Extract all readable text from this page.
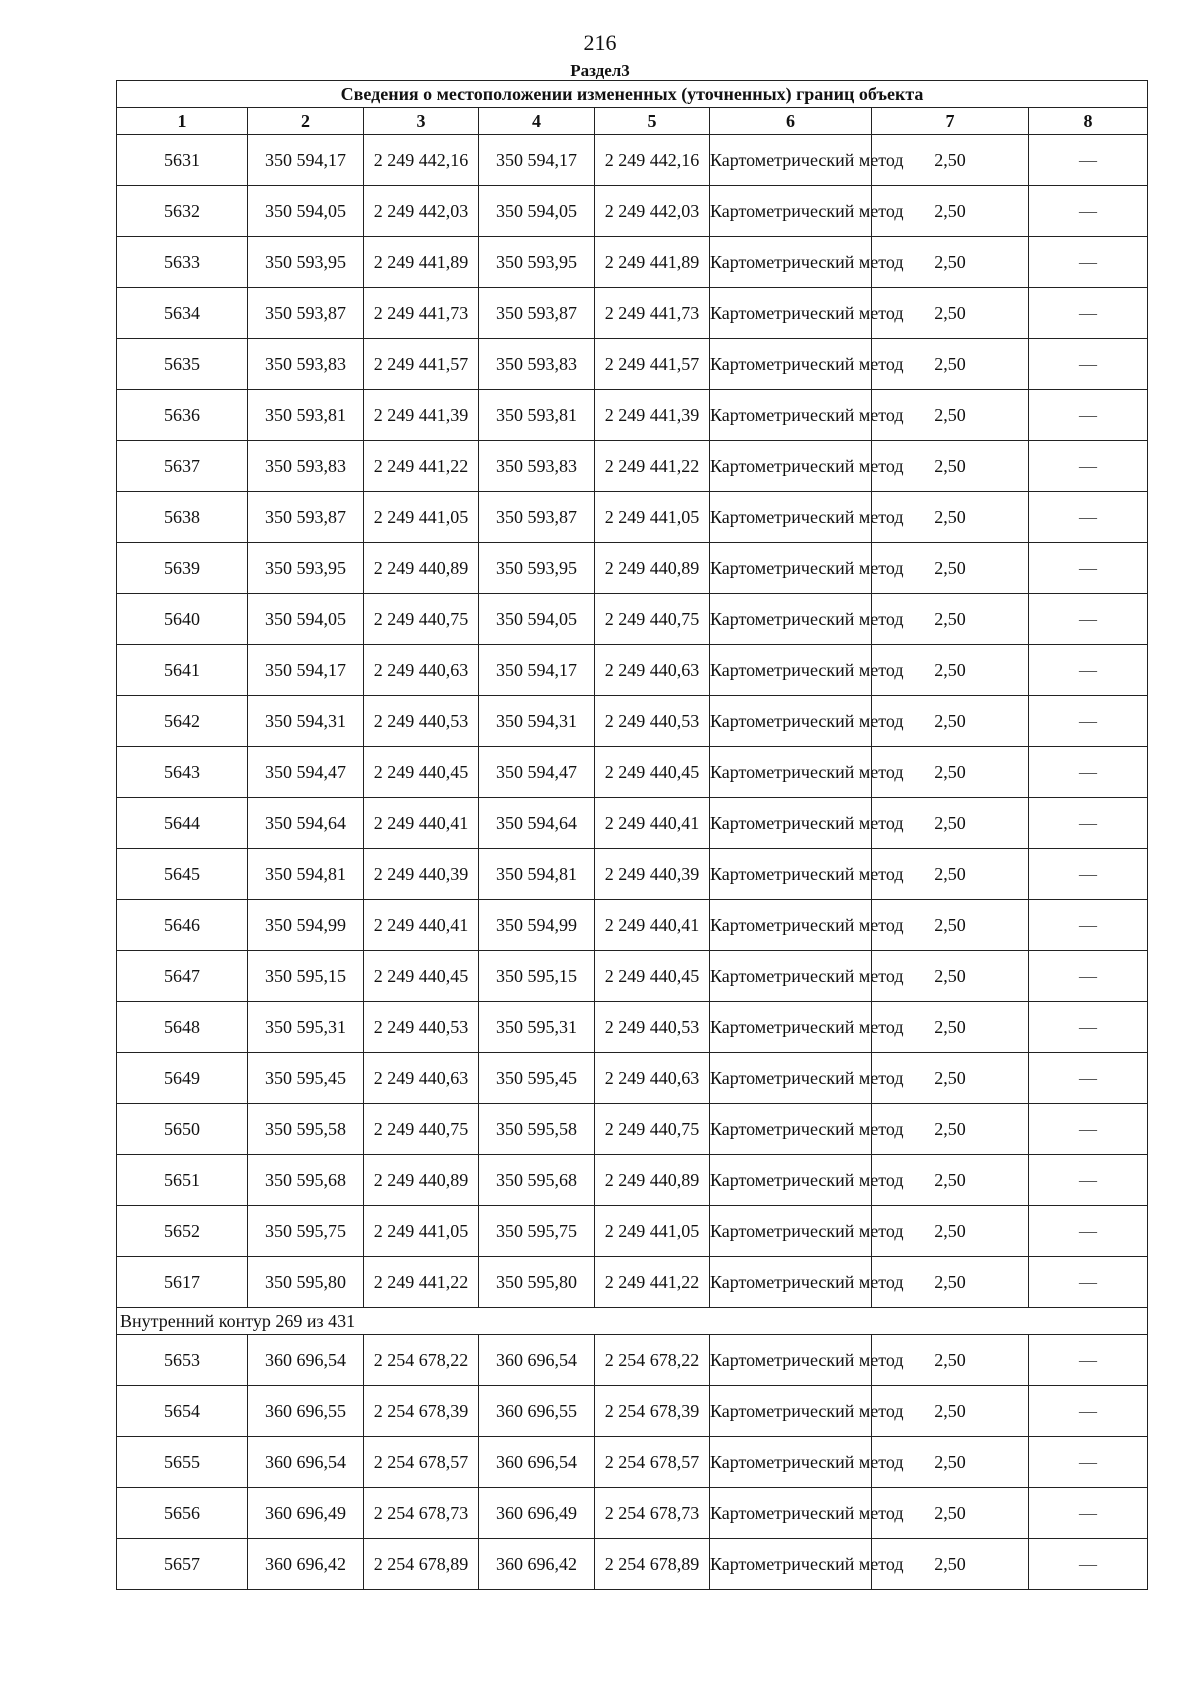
216
Раздел3
Сведения о местоположении измененных (уточненных) границ объекта							
1	2	3	4	5	6	7	8
5631	350 594,17	2 249 442,16	350 594,17	2 249 442,16	Картометрический метод	2,50	—
5632	350 594,05	2 249 442,03	350 594,05	2 249 442,03	Картометрический метод	2,50	—
5633	350 593,95	2 249 441,89	350 593,95	2 249 441,89	Картометрический метод	2,50	—
5634	350 593,87	2 249 441,73	350 593,87	2 249 441,73	Картометрический метод	2,50	—
5635	350 593,83	2 249 441,57	350 593,83	2 249 441,57	Картометрический метод	2,50	—
5636	350 593,81	2 249 441,39	350 593,81	2 249 441,39	Картометрический метод	2,50	—
5637	350 593,83	2 249 441,22	350 593,83	2 249 441,22	Картометрический метод	2,50	—
5638	350 593,87	2 249 441,05	350 593,87	2 249 441,05	Картометрический метод	2,50	—
5639	350 593,95	2 249 440,89	350 593,95	2 249 440,89	Картометрический метод	2,50	—
5640	350 594,05	2 249 440,75	350 594,05	2 249 440,75	Картометрический метод	2,50	—
5641	350 594,17	2 249 440,63	350 594,17	2 249 440,63	Картометрический метод	2,50	—
5642	350 594,31	2 249 440,53	350 594,31	2 249 440,53	Картометрический метод	2,50	—
5643	350 594,47	2 249 440,45	350 594,47	2 249 440,45	Картометрический метод	2,50	—
5644	350 594,64	2 249 440,41	350 594,64	2 249 440,41	Картометрический метод	2,50	—
5645	350 594,81	2 249 440,39	350 594,81	2 249 440,39	Картометрический метод	2,50	—
5646	350 594,99	2 249 440,41	350 594,99	2 249 440,41	Картометрический метод	2,50	—
5647	350 595,15	2 249 440,45	350 595,15	2 249 440,45	Картометрический метод	2,50	—
5648	350 595,31	2 249 440,53	350 595,31	2 249 440,53	Картометрический метод	2,50	—
5649	350 595,45	2 249 440,63	350 595,45	2 249 440,63	Картометрический метод	2,50	—
5650	350 595,58	2 249 440,75	350 595,58	2 249 440,75	Картометрический метод	2,50	—
5651	350 595,68	2 249 440,89	350 595,68	2 249 440,89	Картометрический метод	2,50	—
5652	350 595,75	2 249 441,05	350 595,75	2 249 441,05	Картометрический метод	2,50	—
5617	350 595,80	2 249 441,22	350 595,80	2 249 441,22	Картометрический метод	2,50	—
Внутренний контур 269 из 431							
5653	360 696,54	2 254 678,22	360 696,54	2 254 678,22	Картометрический метод	2,50	—
5654	360 696,55	2 254 678,39	360 696,55	2 254 678,39	Картометрический метод	2,50	—
5655	360 696,54	2 254 678,57	360 696,54	2 254 678,57	Картометрический метод	2,50	—
5656	360 696,49	2 254 678,73	360 696,49	2 254 678,73	Картометрический метод	2,50	—
5657	360 696,42	2 254 678,89	360 696,42	2 254 678,89	Картометрический метод	2,50	—
